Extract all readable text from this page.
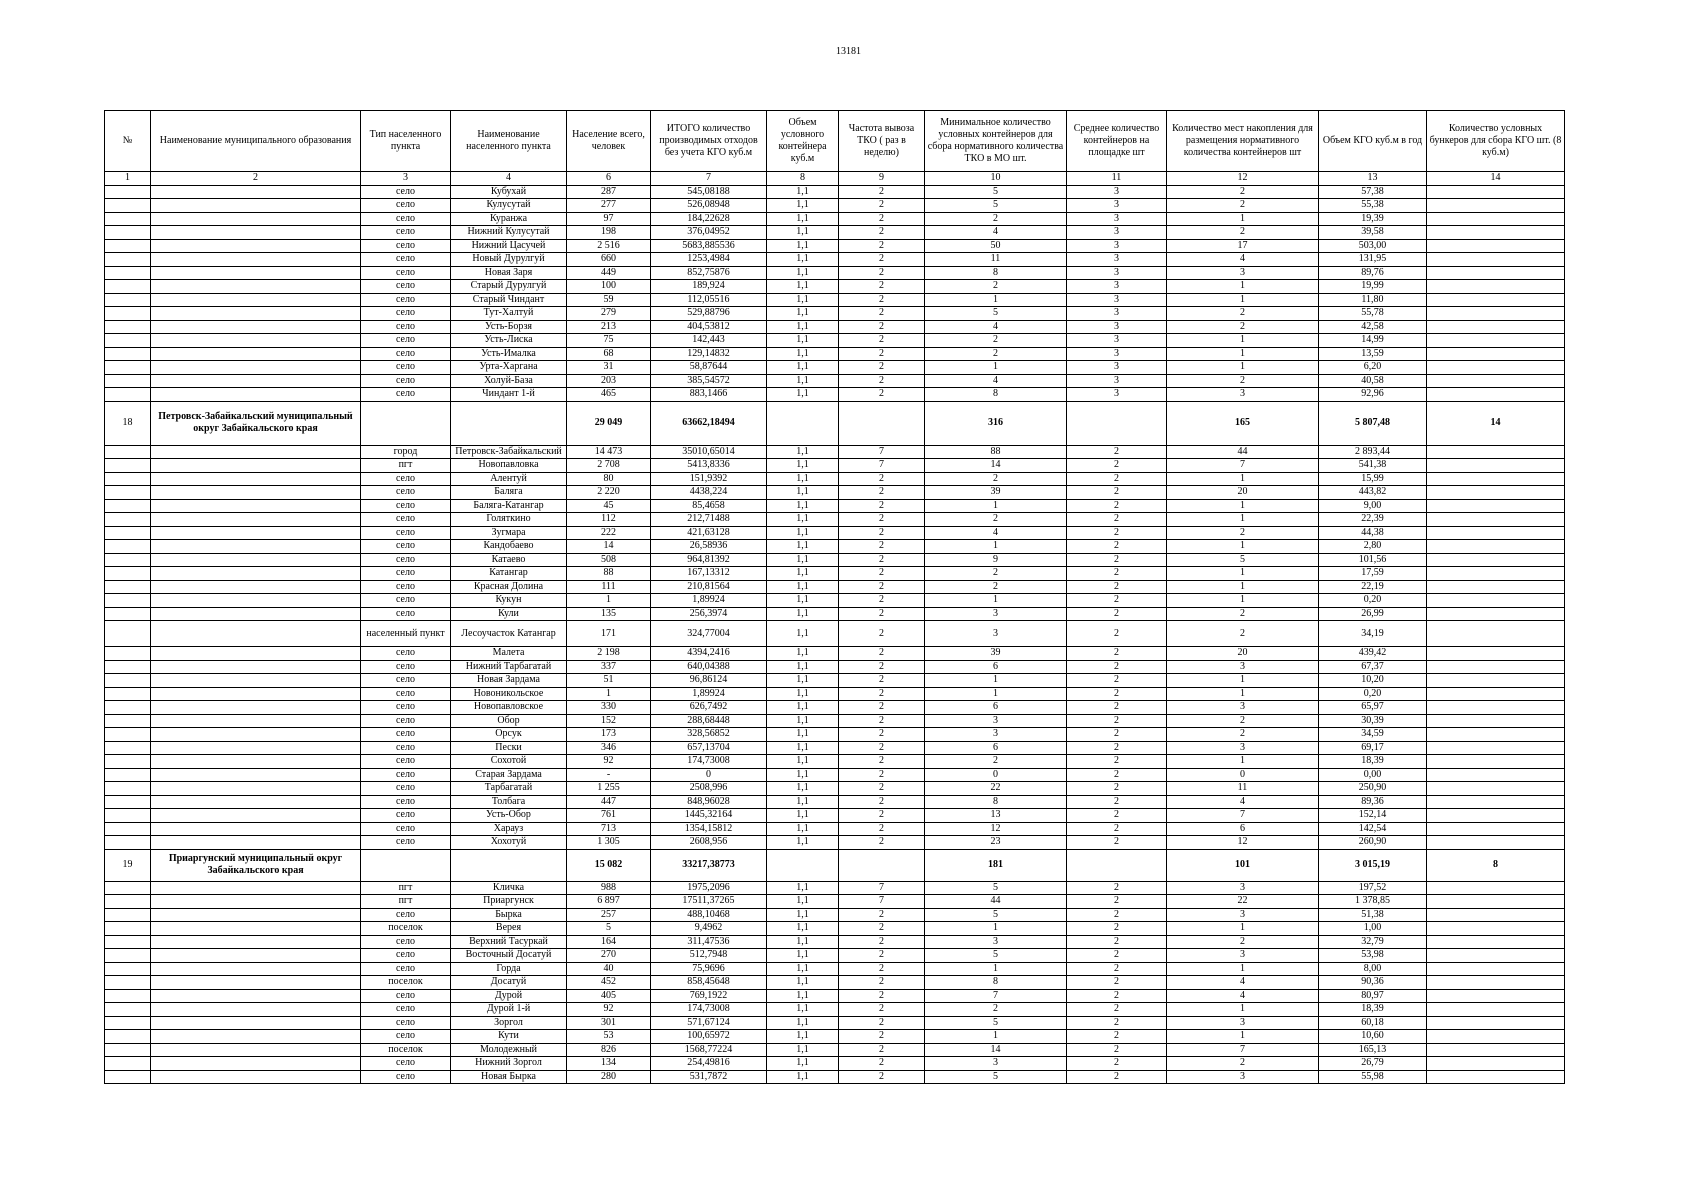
13181
№	Наименование муниципального образования	Тип населенного пункта	Наименование населенного пункта	Население всего, человек	ИТОГО количество производимых отходов без учета КГО куб.м	Объем условного контейнера куб.м	Частота вывоза ТКО ( раз в неделю)	Минимальное количество условных контейнеров для сбора нормативного количества ТКО в МО шт.	Среднее количество контейнеров на площадке шт	Количество мест накопления для размещения нормативного количества контейнеров шт	Объем КГО куб.м в год	Количество условных бункеров для сбора КГО шт. (8 куб.м)
1	2	3	4	6	7	8	9	10	11	12	13	14
		село	Кубухай	287	545,08188	1,1	2	5	3	2	57,38	
		село	Кулусутай	277	526,08948	1,1	2	5	3	2	55,38	
		село	Куранжа	97	184,22628	1,1	2	2	3	1	19,39	
		село	Нижний Кулусутай	198	376,04952	1,1	2	4	3	2	39,58	
		село	Нижний Цасучей	2 516	5683,885536	1,1	2	50	3	17	503,00	
		село	Новый Дурулгуй	660	1253,4984	1,1	2	11	3	4	131,95	
		село	Новая Заря	449	852,75876	1,1	2	8	3	3	89,76	
		село	Старый Дурулгуй	100	189,924	1,1	2	2	3	1	19,99	
		село	Старый Чиндант	59	112,05516	1,1	2	1	3	1	11,80	
		село	Тут-Халтуй	279	529,88796	1,1	2	5	3	2	55,78	
		село	Усть-Борзя	213	404,53812	1,1	2	4	3	2	42,58	
		село	Усть-Лиска	75	142,443	1,1	2	2	3	1	14,99	
		село	Усть-Ималка	68	129,14832	1,1	2	2	3	1	13,59	
		село	Урта-Харгана	31	58,87644	1,1	2	1	3	1	6,20	
		село	Холуй-База	203	385,54572	1,1	2	4	3	2	40,58	
		село	Чиндант 1-й	465	883,1466	1,1	2	8	3	3	92,96	
18	Петровск-Забайкальский муниципальный округ Забайкальского края			29 049	63662,18494			316		165	5 807,48	14
		город	Петровск-Забайкальский	14 473	35010,65014	1,1	7	88	2	44	2 893,44	
		пгт	Новопавловка	2 708	5413,8336	1,1	7	14	2	7	541,38	
		село	Алентуй	80	151,9392	1,1	2	2	2	1	15,99	
		село	Баляга	2 220	4438,224	1,1	2	39	2	20	443,82	
		село	Баляга-Катангар	45	85,4658	1,1	2	1	2	1	9,00	
		село	Голяткино	112	212,71488	1,1	2	2	2	1	22,39	
		село	Зугмара	222	421,63128	1,1	2	4	2	2	44,38	
		село	Кандобаево	14	26,58936	1,1	2	1	2	1	2,80	
		село	Катаево	508	964,81392	1,1	2	9	2	5	101,56	
		село	Катангар	88	167,13312	1,1	2	2	2	1	17,59	
		село	Красная Долина	111	210,81564	1,1	2	2	2	1	22,19	
		село	Кукун	1	1,89924	1,1	2	1	2	1	0,20	
		село	Кули	135	256,3974	1,1	2	3	2	2	26,99	
		населенный пункт	Лесоучасток Катангар	171	324,77004	1,1	2	3	2	2	34,19	
		село	Малета	2 198	4394,2416	1,1	2	39	2	20	439,42	
		село	Нижний Тарбагатай	337	640,04388	1,1	2	6	2	3	67,37	
		село	Новая Зардама	51	96,86124	1,1	2	1	2	1	10,20	
		село	Новоникольское	1	1,89924	1,1	2	1	2	1	0,20	
		село	Новопавловское	330	626,7492	1,1	2	6	2	3	65,97	
		село	Обор	152	288,68448	1,1	2	3	2	2	30,39	
		село	Орсук	173	328,56852	1,1	2	3	2	2	34,59	
		село	Пески	346	657,13704	1,1	2	6	2	3	69,17	
		село	Сохотой	92	174,73008	1,1	2	2	2	1	18,39	
		село	Старая Зардама	-	0	1,1	2	0	2	0	0,00	
		село	Тарбагатай	1 255	2508,996	1,1	2	22	2	11	250,90	
		село	Толбага	447	848,96028	1,1	2	8	2	4	89,36	
		село	Усть-Обор	761	1445,32164	1,1	2	13	2	7	152,14	
		село	Харауз	713	1354,15812	1,1	2	12	2	6	142,54	
		село	Хохотуй	1 305	2608,956	1,1	2	23	2	12	260,90	
19	Приаргунский муниципальный округ Забайкальского края			15 082	33217,38773			181		101	3 015,19	8
		пгт	Кличка	988	1975,2096	1,1	7	5	2	3	197,52	
		пгт	Приаргунск	6 897	17511,37265	1,1	7	44	2	22	1 378,85	
		село	Бырка	257	488,10468	1,1	2	5	2	3	51,38	
		поселок	Верея	5	9,4962	1,1	2	1	2	1	1,00	
		село	Верхний Тасуркай	164	311,47536	1,1	2	3	2	2	32,79	
		село	Восточный Досатуй	270	512,7948	1,1	2	5	2	3	53,98	
		село	Горда	40	75,9696	1,1	2	1	2	1	8,00	
		поселок	Досатуй	452	858,45648	1,1	2	8	2	4	90,36	
		село	Дурой	405	769,1922	1,1	2	7	2	4	80,97	
		село	Дурой 1-й	92	174,73008	1,1	2	2	2	1	18,39	
		село	Зоргол	301	571,67124	1,1	2	5	2	3	60,18	
		село	Кути	53	100,65972	1,1	2	1	2	1	10,60	
		поселок	Молодежный	826	1568,77224	1,1	2	14	2	7	165,13	
		село	Нижний Зоргол	134	254,49816	1,1	2	3	2	2	26,79	
		село	Новая Бырка	280	531,7872	1,1	2	5	2	3	55,98	
